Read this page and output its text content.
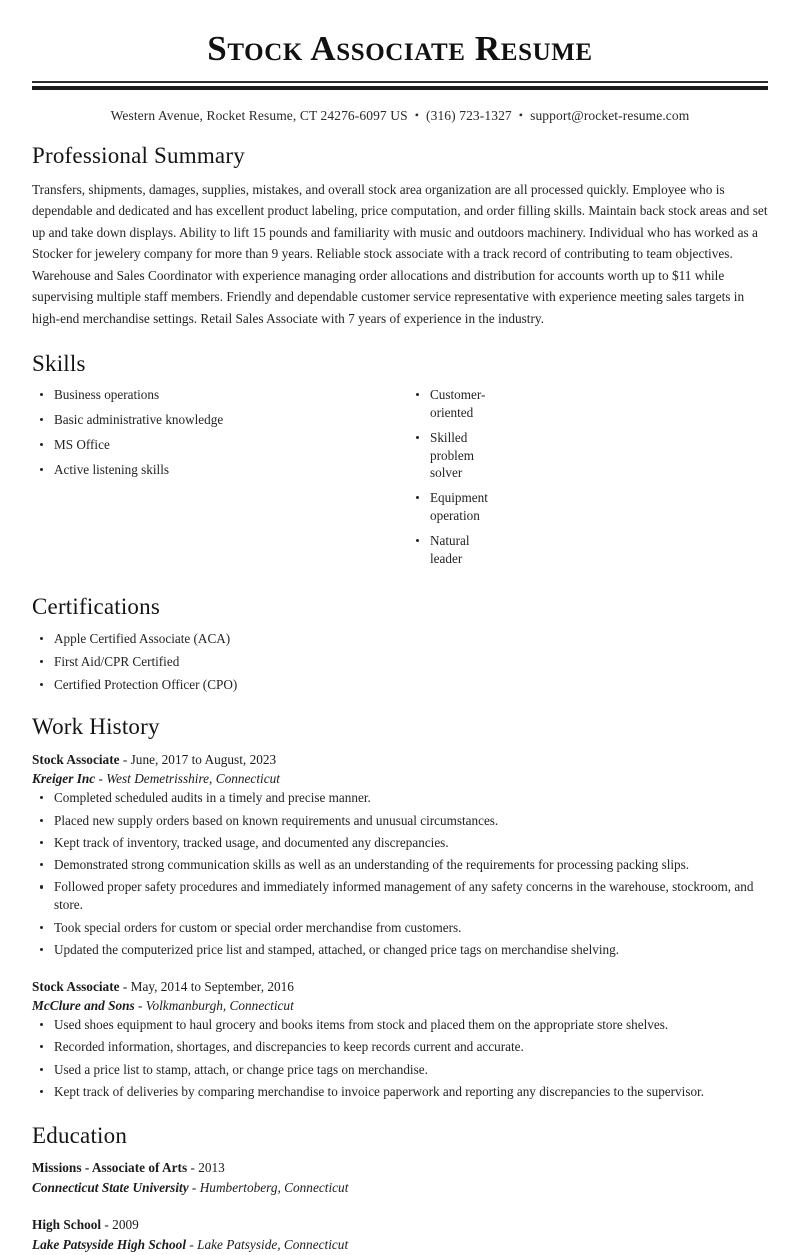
Stock Associate Resume
Western Avenue, Rocket Resume, CT 24276-6097 US • (316) 723-1327 • support@rocket-resume.com
Professional Summary

Transfers, shipments, damages, supplies, mistakes, and overall stock area organization are all processed quickly. Employee who is dependable and dedicated and has excellent product labeling, price computation, and order filling skills. Maintain back stock areas and set up and take down displays. Ability to lift 15 pounds and familiarity with music and outdoors machinery. Individual who has worked as a Stocker for jewelery company for more than 9 years. Reliable stock associate with a track record of contributing to team objectives. Warehouse and Sales Coordinator with experience managing order allocations and distribution for accounts worth up to $11 while supervising multiple staff members. Friendly and dependable customer service representative with experience meeting sales targets in high-end merchandise settings. Retail Sales Associate with 7 years of experience in the industry.

Skills
Business operations
Basic administrative knowledge
MS Office
Active listening skills
Customer-oriented
Skilled problem solver
Equipment operation
Natural leader
Certifications
Apple Certified Associate (ACA)
First Aid/CPR Certified
Certified Protection Officer (CPO)
Work History
Stock Associate - June, 2017 to August, 2023
Kreiger Inc - West Demetrisshire, Connecticut
Completed scheduled audits in a timely and precise manner.
Placed new supply orders based on known requirements and unusual circumstances.
Kept track of inventory, tracked usage, and documented any discrepancies.
Demonstrated strong communication skills as well as an understanding of the requirements for processing packing slips.
Followed proper safety procedures and immediately informed management of any safety concerns in the warehouse, stockroom, and store.
Took special orders for custom or special order merchandise from customers.
Updated the computerized price list and stamped, attached, or changed price tags on merchandise shelving.
Stock Associate - May, 2014 to September, 2016
McClure and Sons - Volkmanburgh, Connecticut
Used shoes equipment to haul grocery and books items from stock and placed them on the appropriate store shelves.
Recorded information, shortages, and discrepancies to keep records current and accurate.
Used a price list to stamp, attach, or change price tags on merchandise.
Kept track of deliveries by comparing merchandise to invoice paperwork and reporting any discrepancies to the supervisor.
Education
Missions - Associate of Arts - 2013
Connecticut State University - Humbertoberg, Connecticut
High School - 2009
Lake Patsyside High School - Lake Patsyside, Connecticut
